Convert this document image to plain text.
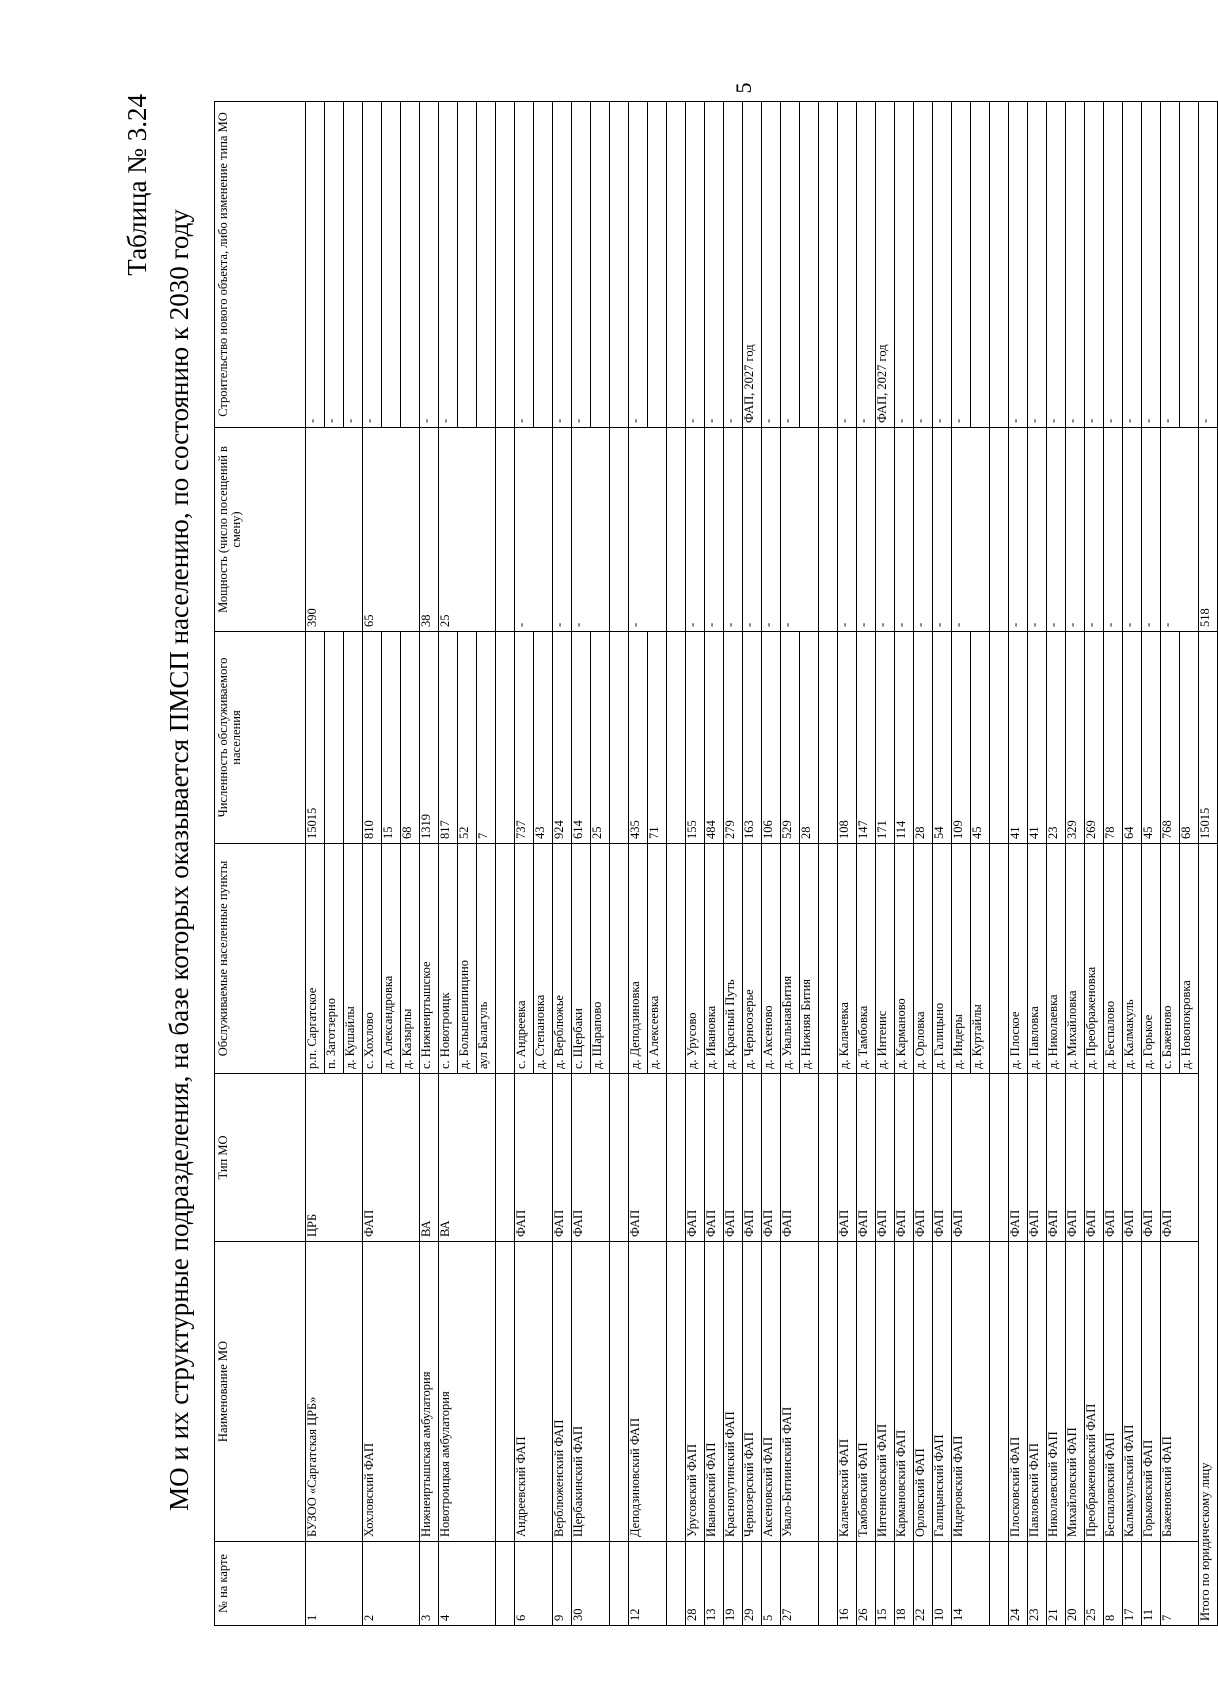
5
Таблица № 3.24
МО и их структурные подразделения, на базе которых оказывается ПМСП населению, по состоянию к 2030 году
№ на карте	Наименование МО	Тип МО	Обслуживаемые населенные пункты	Численность обслуживаемого населения	Мощность (число посещений в смену)	Строительство нового объекта, либо изменение типа МО
1	БУЗОО «Саргатская ЦРБ»	ЦРБ	р.п. Саргатское	15015	390	-
			п. Заготзерно			-
			д. Кушайлы			-
2	Хохловский ФАП	ФАП	с. Хохлово	810	65	-
			д. Александровка	15		
			д. Казырлы	68		
3	Нижнеиртышская амбулатория	ВА	с. Нижнеиртышское	1319	38	-
4	Новотроицкая амбулатория	ВА	с. Новотроицк	817	25	-
			д. Большешипицино	52		
			аул Балагуль	7		

6	Андреевский ФАП	ФАП	с. Андреевка	737	-	-
			д. Степановка	43		
9	Верблюженский ФАП	ФАП	д. Верблюжье	924	-	-
30	Щербакинский ФАП	ФАП	с. Щербаки	614	-	-
			д. Шарапово	25		

12	Деподзиновский ФАП	ФАП	д. Деподзиновка	435	-	-
			д. Алексеевка	71		

28	Урусовский ФАП	ФАП	д. Урусово	155	-	-
13	Ивановский ФАП	ФАП	д. Ивановка	484	-	-
19	Краснопутинский ФАП	ФАП	д. Красный Путь	279	-	-
29	Чернозерский ФАП	ФАП	д. Черноозерье	163	-	ФАП, 2027 год
5	Аксеновский ФАП	ФАП	д. Аксеново	106	-	-
27	Увало-Битиинский ФАП	ФАП	д. УвальнаяБития	529	-	-
			д. Нижняя Бития	28		

16	Калачевский ФАП	ФАП	д. Калачевка	108	-	-
26	Тамбовский ФАП	ФАП	д. Тамбовка	147	-	-
15	Интенисовский ФАП	ФАП	д. Интенис	171	-	ФАП, 2027 год
18	Кармановский ФАП	ФАП	д. Карманово	114	-	-
22	Орловский ФАП	ФАП	д. Орловка	28	-	-
10	Галицынский ФАП	ФАП	д. Галицыно	54	-	-
14	Индеровский ФАП	ФАП	д. Индеры	109	-	-
			д. Куртайлы	45		

24	Плосковский ФАП	ФАП	д. Плоское	41	-	-
23	Павловский ФАП	ФАП	д. Павловка	41	-	-
21	Николаевский ФАП	ФАП	д. Николаевка	23	-	-
20	Михайловский ФАП	ФАП	д. Михайловка	329	-	-
25	Преображеновский ФАП	ФАП	д. Преображеновка	269	-	-
8	Беспаловский ФАП	ФАП	д. Беспалово	78	-	-
17	Калмакульский ФАП	ФАП	д. Калмакуль	64	-	-
11	Горьковский ФАП	ФАП	д. Горькое	45	-	-
7	Баженовский ФАП	ФАП	с. Баженово	768	-	-
			д. Новопокровка	68		
Итого по юридическому лицу				15015	518	-
